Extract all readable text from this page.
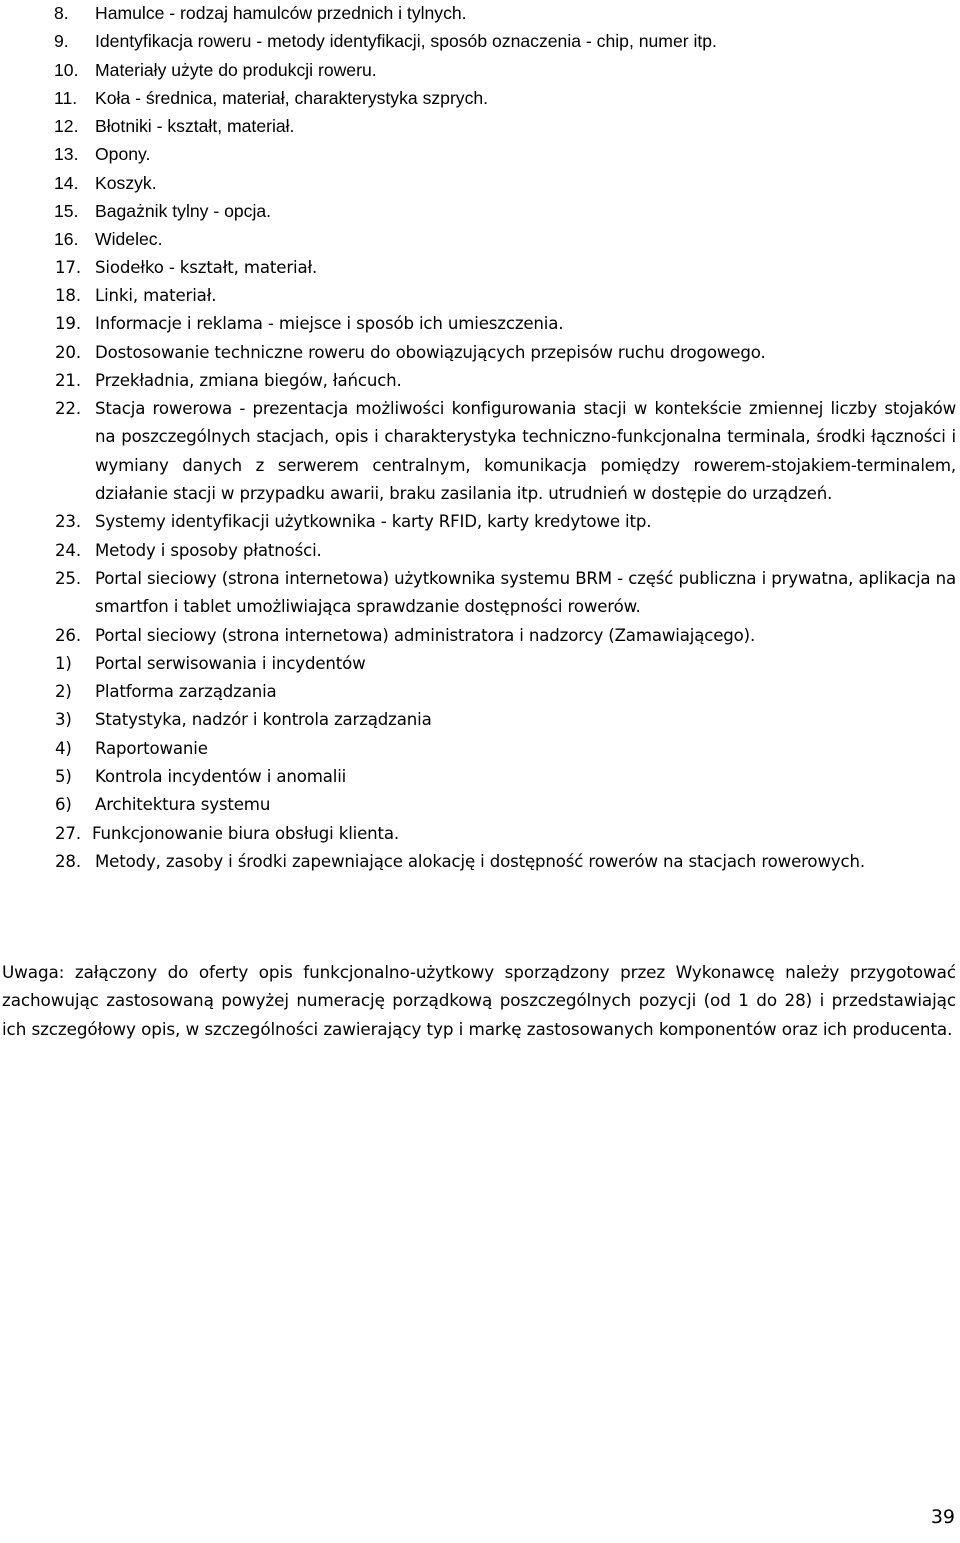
8. Hamulce - rodzaj hamulców przednich i tylnych.
9. Identyfikacja roweru - metody identyfikacji, sposób oznaczenia - chip, numer itp.
10. Materiały użyte do produkcji roweru.
11. Koła - średnica, materiał, charakterystyka szprych.
12. Błotniki - kształt, materiał.
13. Opony.
14. Koszyk.
15. Bagażnik tylny - opcja.
16. Widelec.
17. Siodełko - kształt, materiał.
18. Linki, materiał.
19. Informacje i reklama - miejsce i sposób ich umieszczenia.
20. Dostosowanie techniczne roweru do obowiązujących przepisów ruchu drogowego.
21. Przekładnia, zmiana biegów, łańcuch.
22. Stacja rowerowa - prezentacja możliwości konfigurowania stacji w kontekście zmiennej liczby stojaków na poszczególnych stacjach, opis i charakterystyka techniczno-funkcjonalna terminala, środki łączności i wymiany danych z serwerem centralnym, komunikacja pomiędzy rowerem-stojakiem-terminalem, działanie stacji w przypadku awarii, braku zasilania itp. utrudnień w dostępie do urządzeń.
23. Systemy identyfikacji użytkownika - karty RFID, karty kredytowe itp.
24. Metody i sposoby płatności.
25. Portal sieciowy (strona internetowa) użytkownika systemu BRM - część publiczna i prywatna, aplikacja na smartfon i tablet umożliwiająca sprawdzanie dostępności rowerów.
26. Portal sieciowy (strona internetowa) administratora i nadzorcy (Zamawiającego).
1) Portal serwisowania i incydentów
2) Platforma zarządzania
3) Statystyka, nadzór i kontrola zarządzania
4) Raportowanie
5) Kontrola incydentów i anomalii
6) Architektura systemu
27. Funkcjonowanie biura obsługi klienta.
28. Metody, zasoby i środki zapewniające alokację i dostępność rowerów na stacjach rowerowych.
Uwaga: załączony do oferty opis funkcjonalno-użytkowy sporządzony przez Wykonawcę należy przygotować zachowując zastosowaną powyżej numerację porządkową poszczególnych pozycji (od 1 do 28) i przedstawiając ich szczegółowy opis, w szczególności zawierający typ i markę zastosowanych komponentów oraz ich producenta.
39
